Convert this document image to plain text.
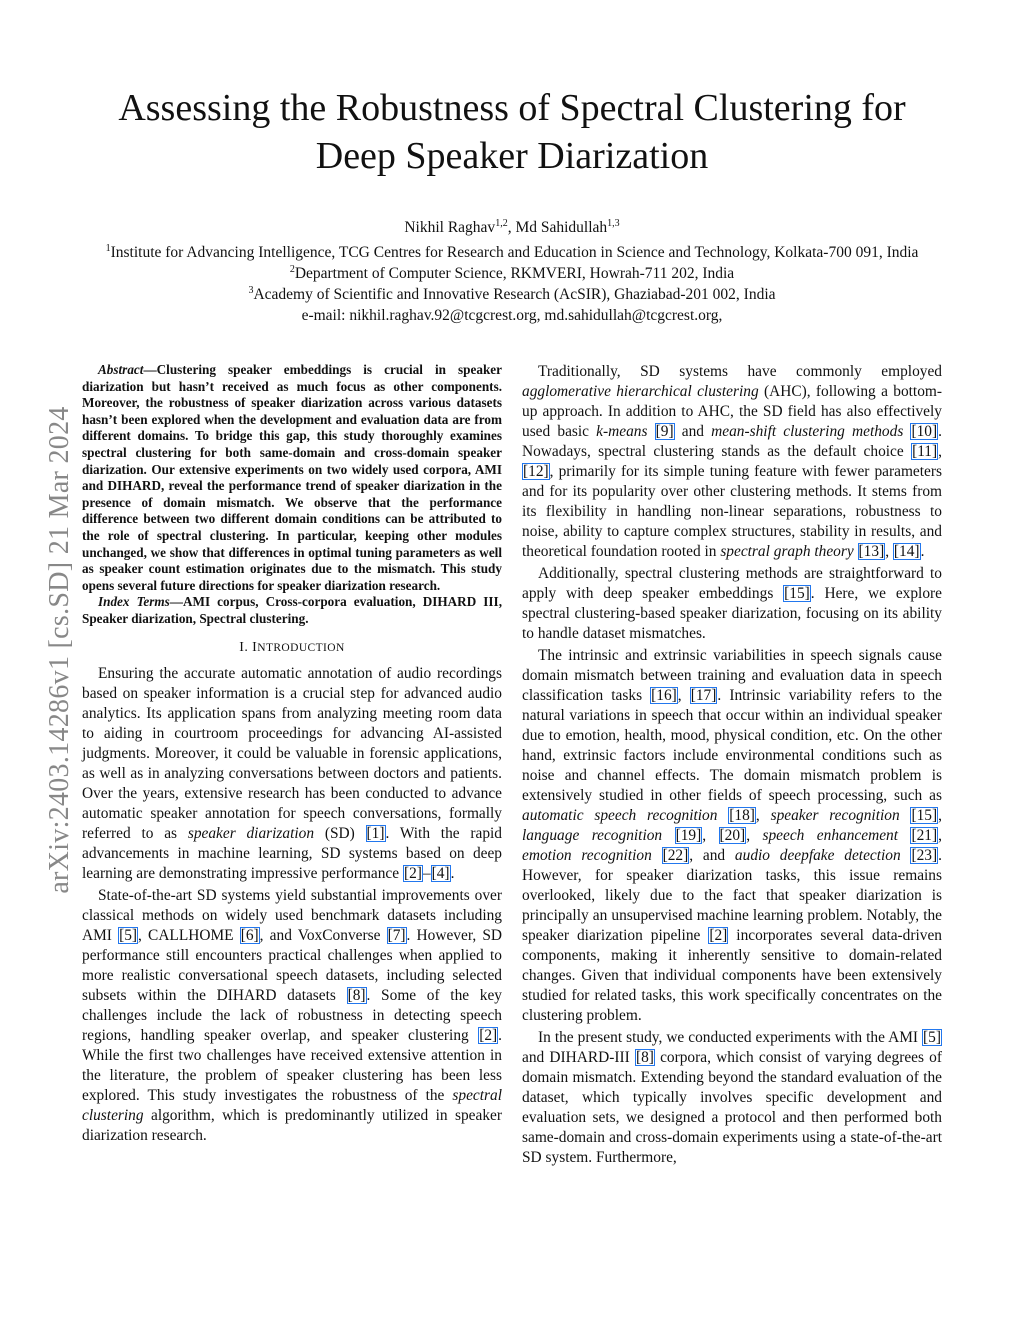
Assessing the Robustness of Spectral Clustering for
Deep Speaker Diarization
Nikhil Raghav$^{1,2}$, Md Sahidullah$^{1,3}$
$^1$Institute for Advancing Intelligence, TCG Centres for Research and Education in Science and Technology, Kolkata-700 091, India
$^2$Department of Computer Science, RKMVERI, Howrah-711 202, India
$^3$Academy of Scientific and Innovative Research (AcSIR), Ghaziabad-201 002, India
e-mail: nikhil.raghav.92@tcgcrest.org, md.sahidullah@tcgcrest.org,
arXiv:2403.14286v1 [cs.SD] 21 Mar 2024

Abstract—Clustering speaker embeddings is crucial in speaker diarization but hasn’t received as much focus as other components. Moreover, the robustness of speaker diarization across various datasets hasn’t been explored when the development and evaluation data are from different domains. To bridge this gap, this study thoroughly examines spectral clustering for both same-domain and cross-domain speaker diarization. Our extensive experiments on two widely used corpora, AMI and DIHARD, reveal the performance trend of speaker diarization in the presence of domain mismatch. We observe that the performance difference between two different domain conditions can be attributed to the role of spectral clustering. In particular, keeping other modules unchanged, we show that differences in optimal tuning parameters as well as speaker count estimation originates due to the mismatch. This study opens several future directions for speaker diarization research.

Index Terms—AMI corpus, Cross-corpora evaluation, DIHARD III, Speaker diarization, Spectral clustering.

I. INTRODUCTION

Ensuring the accurate automatic annotation of audio recordings based on speaker information is a crucial step for advanced audio analytics. Its application spans from analyzing meeting room data to aiding in courtroom proceedings for advancing AI-assisted judgments. Moreover, it could be valuable in forensic applications, as well as in analyzing conversations between doctors and patients. Over the years, extensive research has been conducted to advance automatic speaker annotation for speech conversations, formally referred to as speaker diarization (SD) [1]. With the rapid advancements in machine learning, SD systems based on deep learning are demonstrating impressive performance [2]–[4].

State-of-the-art SD systems yield substantial improvements over classical methods on widely used benchmark datasets including AMI [5], CALLHOME [6], and VoxConverse [7]. However, SD performance still encounters practical challenges when applied to more realistic conversational speech datasets, including selected subsets within the DIHARD datasets [8]. Some of the key challenges include the lack of robustness in detecting speech regions, handling speaker overlap, and speaker clustering [2]. While the first two challenges have received extensive attention in the literature, the problem of speaker clustering has been less explored. This study investigates the robustness of the spectral clustering algorithm, which is predominantly utilized in speaker diarization research.

Traditionally, SD systems have commonly employed agglomerative hierarchical clustering (AHC), following a bottom-up approach. In addition to AHC, the SD field has also effectively used basic k-means [9] and mean-shift clustering methods [10]. Nowadays, spectral clustering stands as the default choice [11], [12], primarily for its simple tuning feature with fewer parameters and for its popularity over other clustering methods. It stems from its flexibility in handling non-linear separations, robustness to noise, ability to capture complex structures, stability in results, and theoretical foundation rooted in spectral graph theory [13], [14].

Additionally, spectral clustering methods are straightforward to apply with deep speaker embeddings [15]. Here, we explore spectral clustering-based speaker diarization, focusing on its ability to handle dataset mismatches.

The intrinsic and extrinsic variabilities in speech signals cause domain mismatch between training and evaluation data in speech classification tasks [16], [17]. Intrinsic variability refers to the natural variations in speech that occur within an individual speaker due to emotion, health, mood, physical condition, etc. On the other hand, extrinsic factors include environmental conditions such as noise and channel effects. The domain mismatch problem is extensively studied in other fields of speech processing, such as automatic speech recognition [18], speaker recognition [15], language recognition [19], [20], speech enhancement [21], emotion recognition [22], and audio deepfake detection [23]. However, for speaker diarization tasks, this issue remains overlooked, likely due to the fact that speaker diarization is principally an unsupervised machine learning problem. Notably, the speaker diarization pipeline [2] incorporates several data-driven components, making it inherently sensitive to domain-related changes. Given that individual components have been extensively studied for related tasks, this work specifically concentrates on the clustering problem.

In the present study, we conducted experiments with the AMI [5] and DIHARD-III [8] corpora, which consist of varying degrees of domain mismatch. Extending beyond the standard evaluation of the dataset, which typically involves specific development and evaluation sets, we designed a protocol and then performed both same-domain and cross-domain experiments using a state-of-the-art SD system. Furthermore,
